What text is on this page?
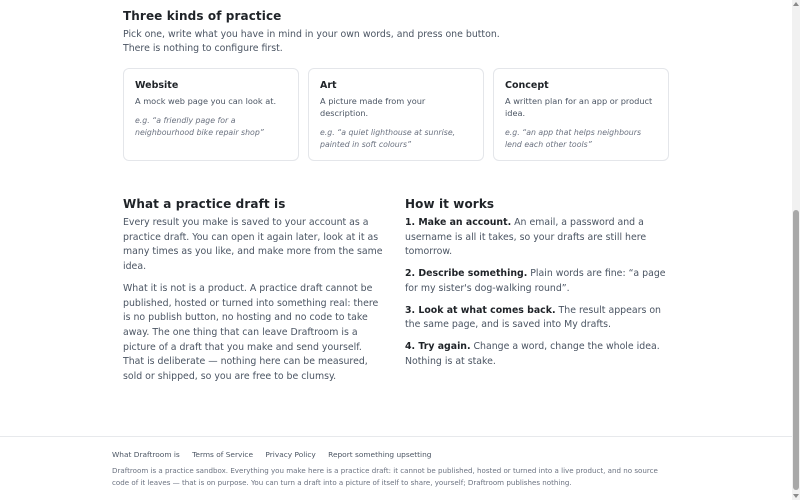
Three kinds of practice

Pick one, write what you have in mind in your own words, and press one button.

There is nothing to configure first.

Website
A mock web page you can look at.
e.g. “a friendly page for a neighbourhood bike repair shop”
Art
A picture made from your description.
e.g. “a quiet lighthouse at sunrise, painted in soft colours”
Concept
A written plan for an app or product idea.
e.g. “an app that helps neighbours lend each other tools”
What a practice draft is

Every result you make is saved to your account as a practice draft. You can open it again later, look at it as many times as you like, and make more from the same idea.

What it is not is a product. A practice draft cannot be published, hosted or turned into something real: there is no publish button, no hosting and no code to take away. The one thing that can leave Draftroom is a picture of a draft that you make and send yourself. That is deliberate — nothing here can be measured, sold or shipped, so you are free to be clumsy.

How it works

1. Make an account. An email, a password and a username is all it takes, so your drafts are still here tomorrow.

2. Describe something. Plain words are fine: “a page for my sister's dog-walking round”.

3. Look at what comes back. The result appears on the same page, and is saved into My drafts.

4. Try again. Change a word, change the whole idea. Nothing is at stake.

What Draftroom is Terms of Service Privacy Policy Report something upsetting
Draftroom is a practice sandbox. Everything you make here is a practice draft: it cannot be published, hosted or turned into a live product, and no source code of it leaves — that is on purpose. You can turn a draft into a picture of itself to share, yourself; Draftroom publishes nothing.
